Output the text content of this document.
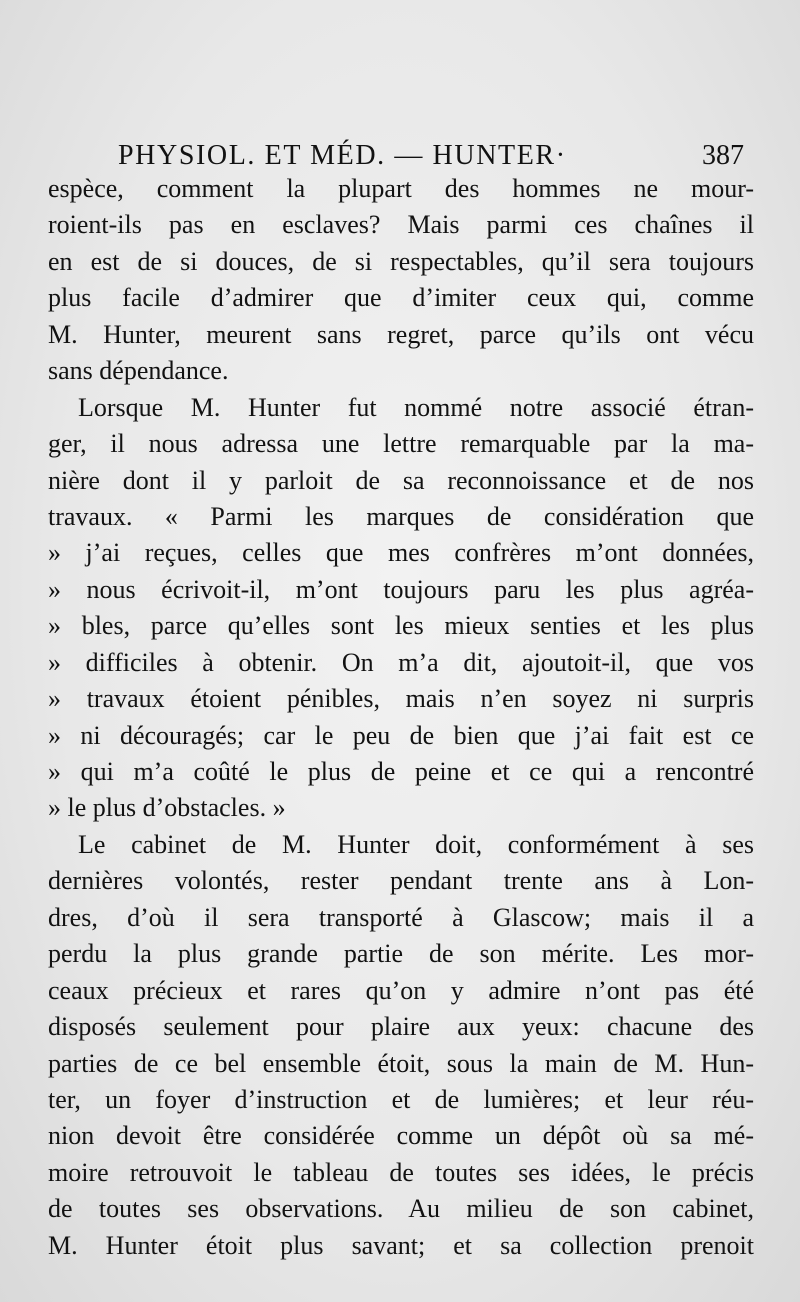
PHYSIOL. ET MÉD. — HUNTER·	387
espèce, comment la plupart des hommes ne mour-
roient-ils pas en esclaves? Mais parmi ces chaînes il
en est de si douces, de si respectables, qu’il sera toujours
plus facile d’admirer que d’imiter ceux qui, comme
M. Hunter, meurent sans regret, parce qu’ils ont vécu
sans dépendance.
Lorsque M. Hunter fut nommé notre associé étran-
ger, il nous adressa une lettre remarquable par la ma-
nière dont il y parloit de sa reconnoissance et de nos
travaux. « Parmi les marques de considération que
» j’ai reçues, celles que mes confrères m’ont données,
» nous écrivoit-il, m’ont toujours paru les plus agréa-
» bles, parce qu’elles sont les mieux senties et les plus
» difficiles à obtenir. On m’a dit, ajoutoit-il, que vos
» travaux étoient pénibles, mais n’en soyez ni surpris
» ni découragés; car le peu de bien que j’ai fait est ce
» qui m’a coûté le plus de peine et ce qui a rencontré
» le plus d’obstacles. »
Le cabinet de M. Hunter doit, conformément à ses
dernières volontés, rester pendant trente ans à Lon-
dres, d’où il sera transporté à Glascow; mais il a
perdu la plus grande partie de son mérite. Les mor-
ceaux précieux et rares qu’on y admire n’ont pas été
disposés seulement pour plaire aux yeux: chacune des
parties de ce bel ensemble étoit, sous la main de M. Hun-
ter, un foyer d’instruction et de lumières; et leur réu-
nion devoit être considérée comme un dépôt où sa mé-
moire retrouvoit le tableau de toutes ses idées, le précis
de toutes ses observations. Au milieu de son cabinet,
M. Hunter étoit plus savant; et sa collection prenoit
